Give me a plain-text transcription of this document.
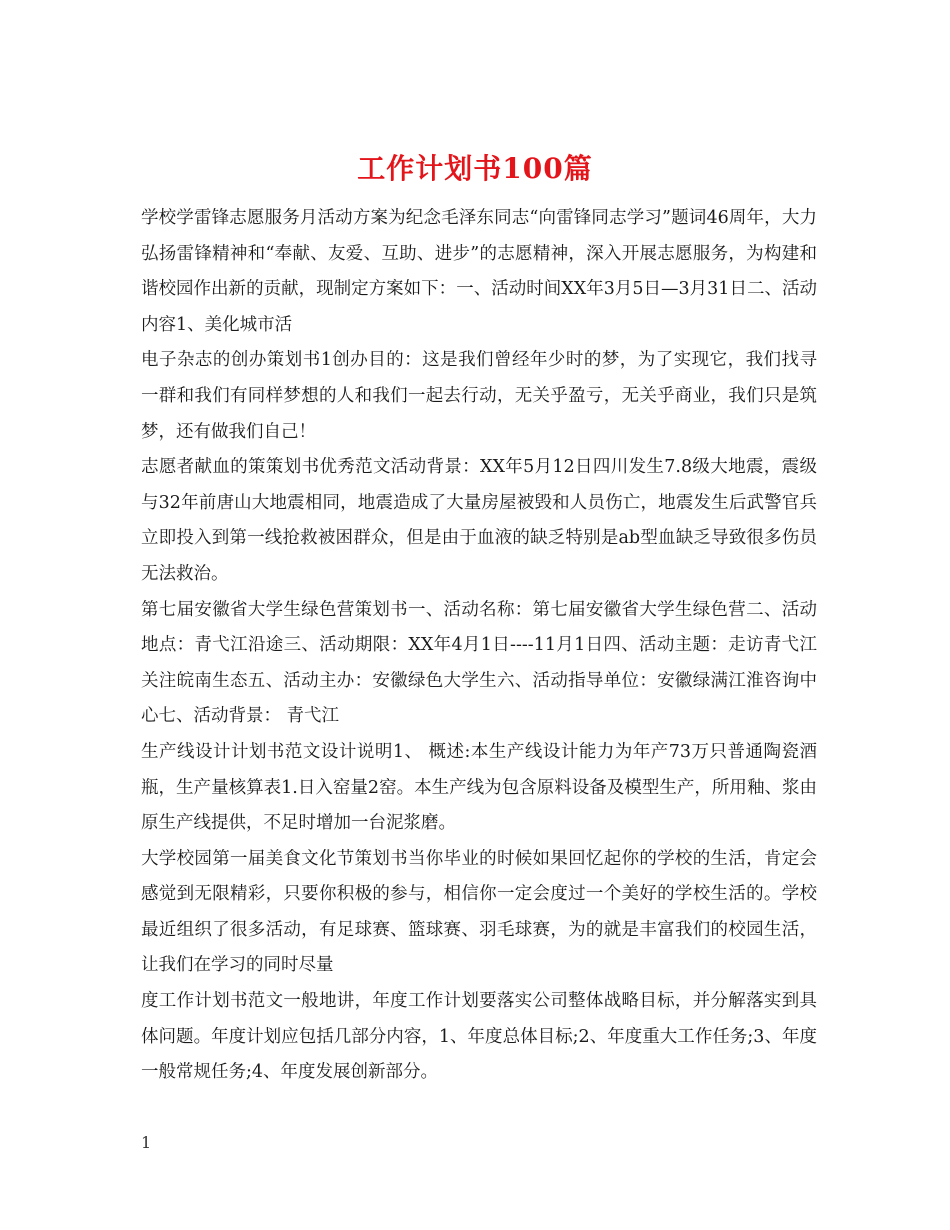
工作计划书100篇

学校学雷锋志愿服务月活动方案为纪念毛泽东同志“向雷锋同志学习”题词46周年，大力弘扬雷锋精神和“奉献、友爱、互助、进步”的志愿精神，深入开展志愿服务，为构建和谐校园作出新的贡献，现制定方案如下：一、活动时间XX年3月5日—3月31日二、活动内容1、美化城市活

电子杂志的创办策划书1创办目的：这是我们曾经年少时的梦，为了实现它，我们找寻一群和我们有同样梦想的人和我们一起去行动，无关乎盈亏，无关乎商业，我们只是筑梦，还有做我们自己！

志愿者献血的策策划书优秀范文活动背景：XX年5月12日四川发生7.8级大地震，震级与32年前唐山大地震相同，地震造成了大量房屋被毁和人员伤亡，地震发生后武警官兵立即投入到第一线抢救被困群众，但是由于血液的缺乏特别是ab型血缺乏导致很多伤员无法救治。

第七届安徽省大学生绿色营策划书一、活动名称：第七届安徽省大学生绿色营二、活动地点：青弋江沿途三、活动期限：XX年4月1日----11月1日四、活动主题：走访青弋江 关注皖南生态五、活动主办：安徽绿色大学生六、活动指导单位：安徽绿满江淮咨询中心七、活动背景： 青弋江

生产线设计计划书范文设计说明1、 概述:本生产线设计能力为年产73万只普通陶瓷酒瓶，生产量核算表1.日入窑量2窑。本生产线为包含原料设备及模型生产，所用釉、浆由原生产线提供，不足时增加一台泥浆磨。

大学校园第一届美食文化节策划书当你毕业的时候如果回忆起你的学校的生活，肯定会感觉到无限精彩，只要你积极的参与，相信你一定会度过一个美好的学校生活的。学校最近组织了很多活动，有足球赛、篮球赛、羽毛球赛，为的就是丰富我们的校园生活，让我们在学习的同时尽量

度工作计划书范文一般地讲，年度工作计划要落实公司整体战略目标，并分解落实到具体问题。年度计划应包括几部分内容，1、年度总体目标;2、年度重大工作任务;3、年度一般常规任务;4、年度发展创新部分。

1
